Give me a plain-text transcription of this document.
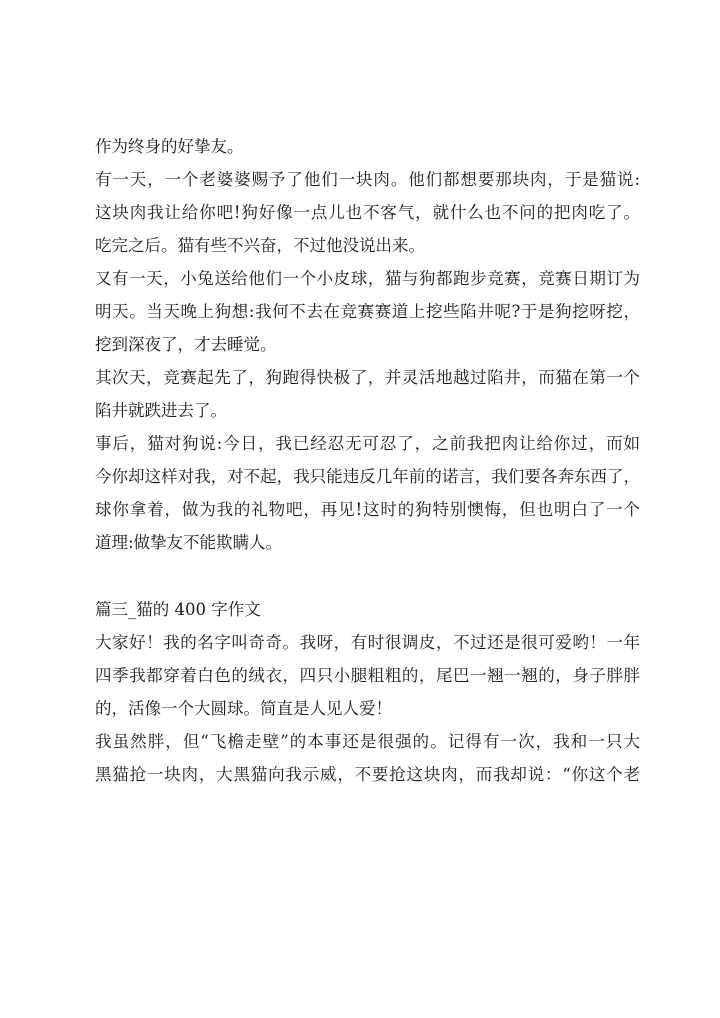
作为终身的好挚友。
有一天，一个老婆婆赐予了他们一块肉。他们都想要那块肉，于是猫说:
这块肉我让给你吧!狗好像一点儿也不客气，就什么也不问的把肉吃了。
吃完之后。猫有些不兴奋，不过他没说出来。
又有一天，小兔送给他们一个小皮球，猫与狗都跑步竞赛，竞赛日期订为
明天。当天晚上狗想:我何不去在竞赛赛道上挖些陷井呢?于是狗挖呀挖，
挖到深夜了，才去睡觉。
其次天，竞赛起先了，狗跑得快极了，并灵活地越过陷井，而猫在第一个
陷井就跌进去了。
事后，猫对狗说:今日，我已经忍无可忍了，之前我把肉让给你过，而如
今你却这样对我，对不起，我只能违反几年前的诺言，我们要各奔东西了，
球你拿着，做为我的礼物吧，再见!这时的狗特别懊悔，但也明白了一个
道理:做挚友不能欺瞒人。
篇三_猫的 400 字作文
大家好！我的名字叫奇奇。我呀，有时很调皮，不过还是很可爱哟！一年
四季我都穿着白色的绒衣，四只小腿粗粗的，尾巴一翘一翘的，身子胖胖
的，活像一个大圆球。简直是人见人爱！
我虽然胖，但“飞檐走壁”的本事还是很强的。记得有一次，我和一只大
黑猫抢一块肉，大黑猫向我示威，不要抢这块肉，而我却说：“你这个老
